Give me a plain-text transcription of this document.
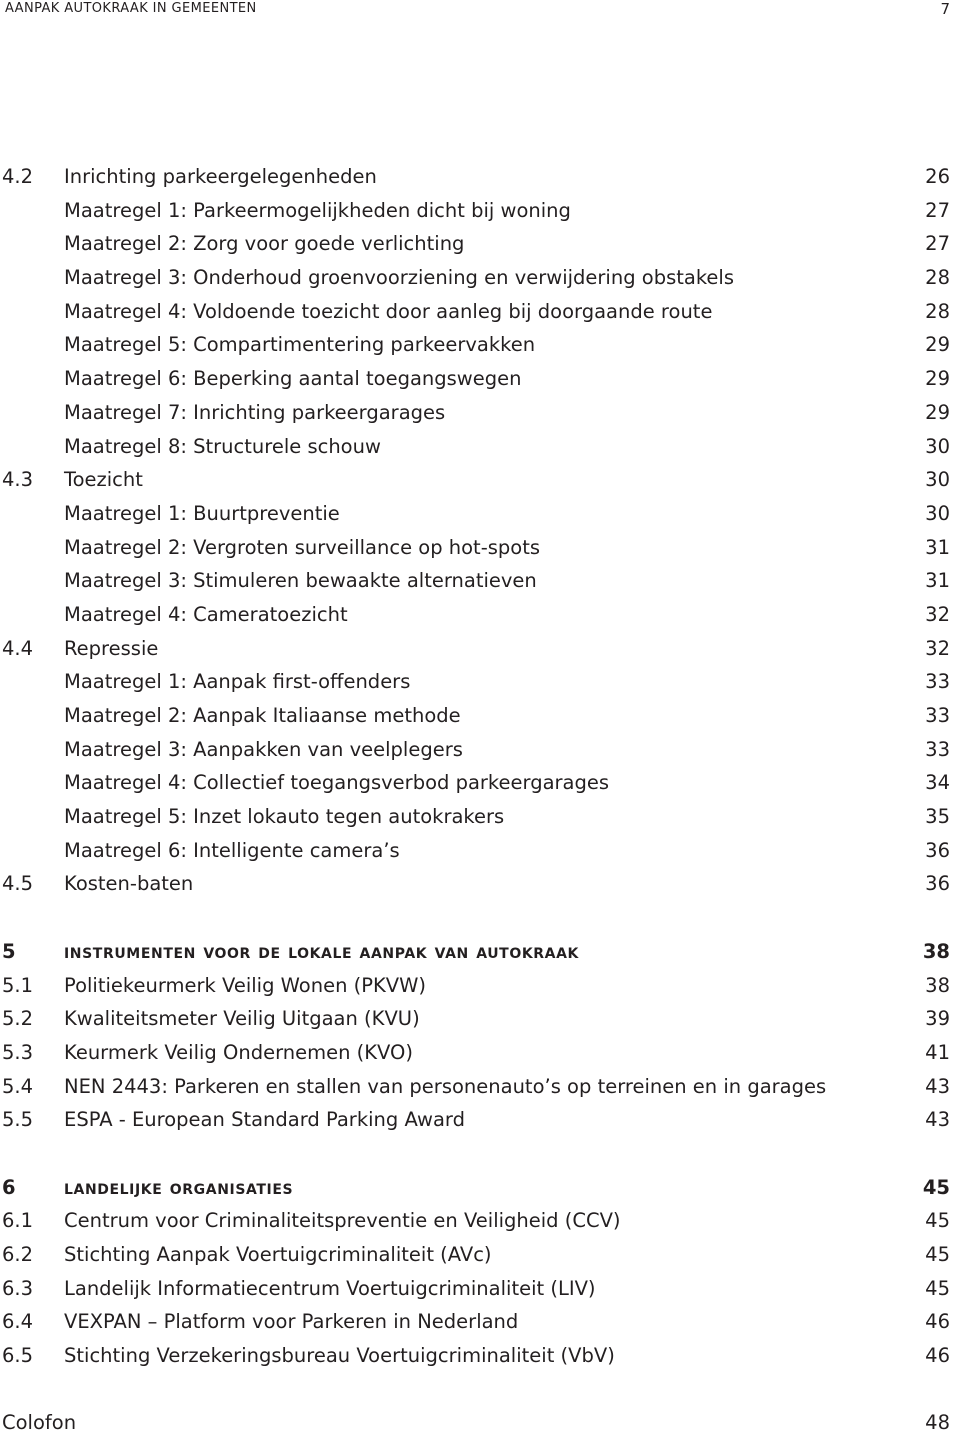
AANPAK AUTOKRAAK IN GEMEENTEN	7
4.2 Inrichting parkeergelegenheden	26
Maatregel 1: Parkeermogelijkheden dicht bij woning	27
Maatregel 2: Zorg voor goede verlichting	27
Maatregel 3: Onderhoud groenvoorziening en verwijdering obstakels	28
Maatregel 4: Voldoende toezicht door aanleg bij doorgaande route	28
Maatregel 5: Compartimentering parkeervakken	29
Maatregel 6: Beperking aantal toegangswegen	29
Maatregel 7: Inrichting parkeergarages	29
Maatregel 8: Structurele schouw	30
4.3 Toezicht	30
Maatregel 1: Buurtpreventie	30
Maatregel 2: Vergroten surveillance op hot-spots	31
Maatregel 3: Stimuleren bewaakte alternatieven	31
Maatregel 4: Cameratoezicht	32
4.4 Repressie	32
Maatregel 1: Aanpak first-offenders	33
Maatregel 2: Aanpak Italiaanse methode	33
Maatregel 3: Aanpakken van veelplegers	33
Maatregel 4: Collectief toegangsverbod parkeergarages	34
Maatregel 5: Inzet lokauto tegen autokrakers	35
Maatregel 6: Intelligente camera’s	36
4.5 Kosten-baten	36
5 instrumenten voor de lokale aanpak van autokraak	38
5.1 Politiekeurmerk Veilig Wonen (PKVW)	38
5.2 Kwaliteitsmeter Veilig Uitgaan (KVU)	39
5.3 Keurmerk Veilig Ondernemen (KVO)	41
5.4 NEN 2443: Parkeren en stallen van personenauto’s op terreinen en in garages	43
5.5 ESPA - European Standard Parking Award	43
6 landelijke organisaties	45
6.1 Centrum voor Criminaliteitspreventie en Veiligheid (CCV)	45
6.2 Stichting Aanpak Voertuigcriminaliteit (AVc)	45
6.3 Landelijk Informatiecentrum Voertuigcriminaliteit (LIV)	45
6.4 VEXPAN – Platform voor Parkeren in Nederland	46
6.5 Stichting Verzekeringsbureau Voertuigcriminaliteit (VbV)	46
Colofon	48
